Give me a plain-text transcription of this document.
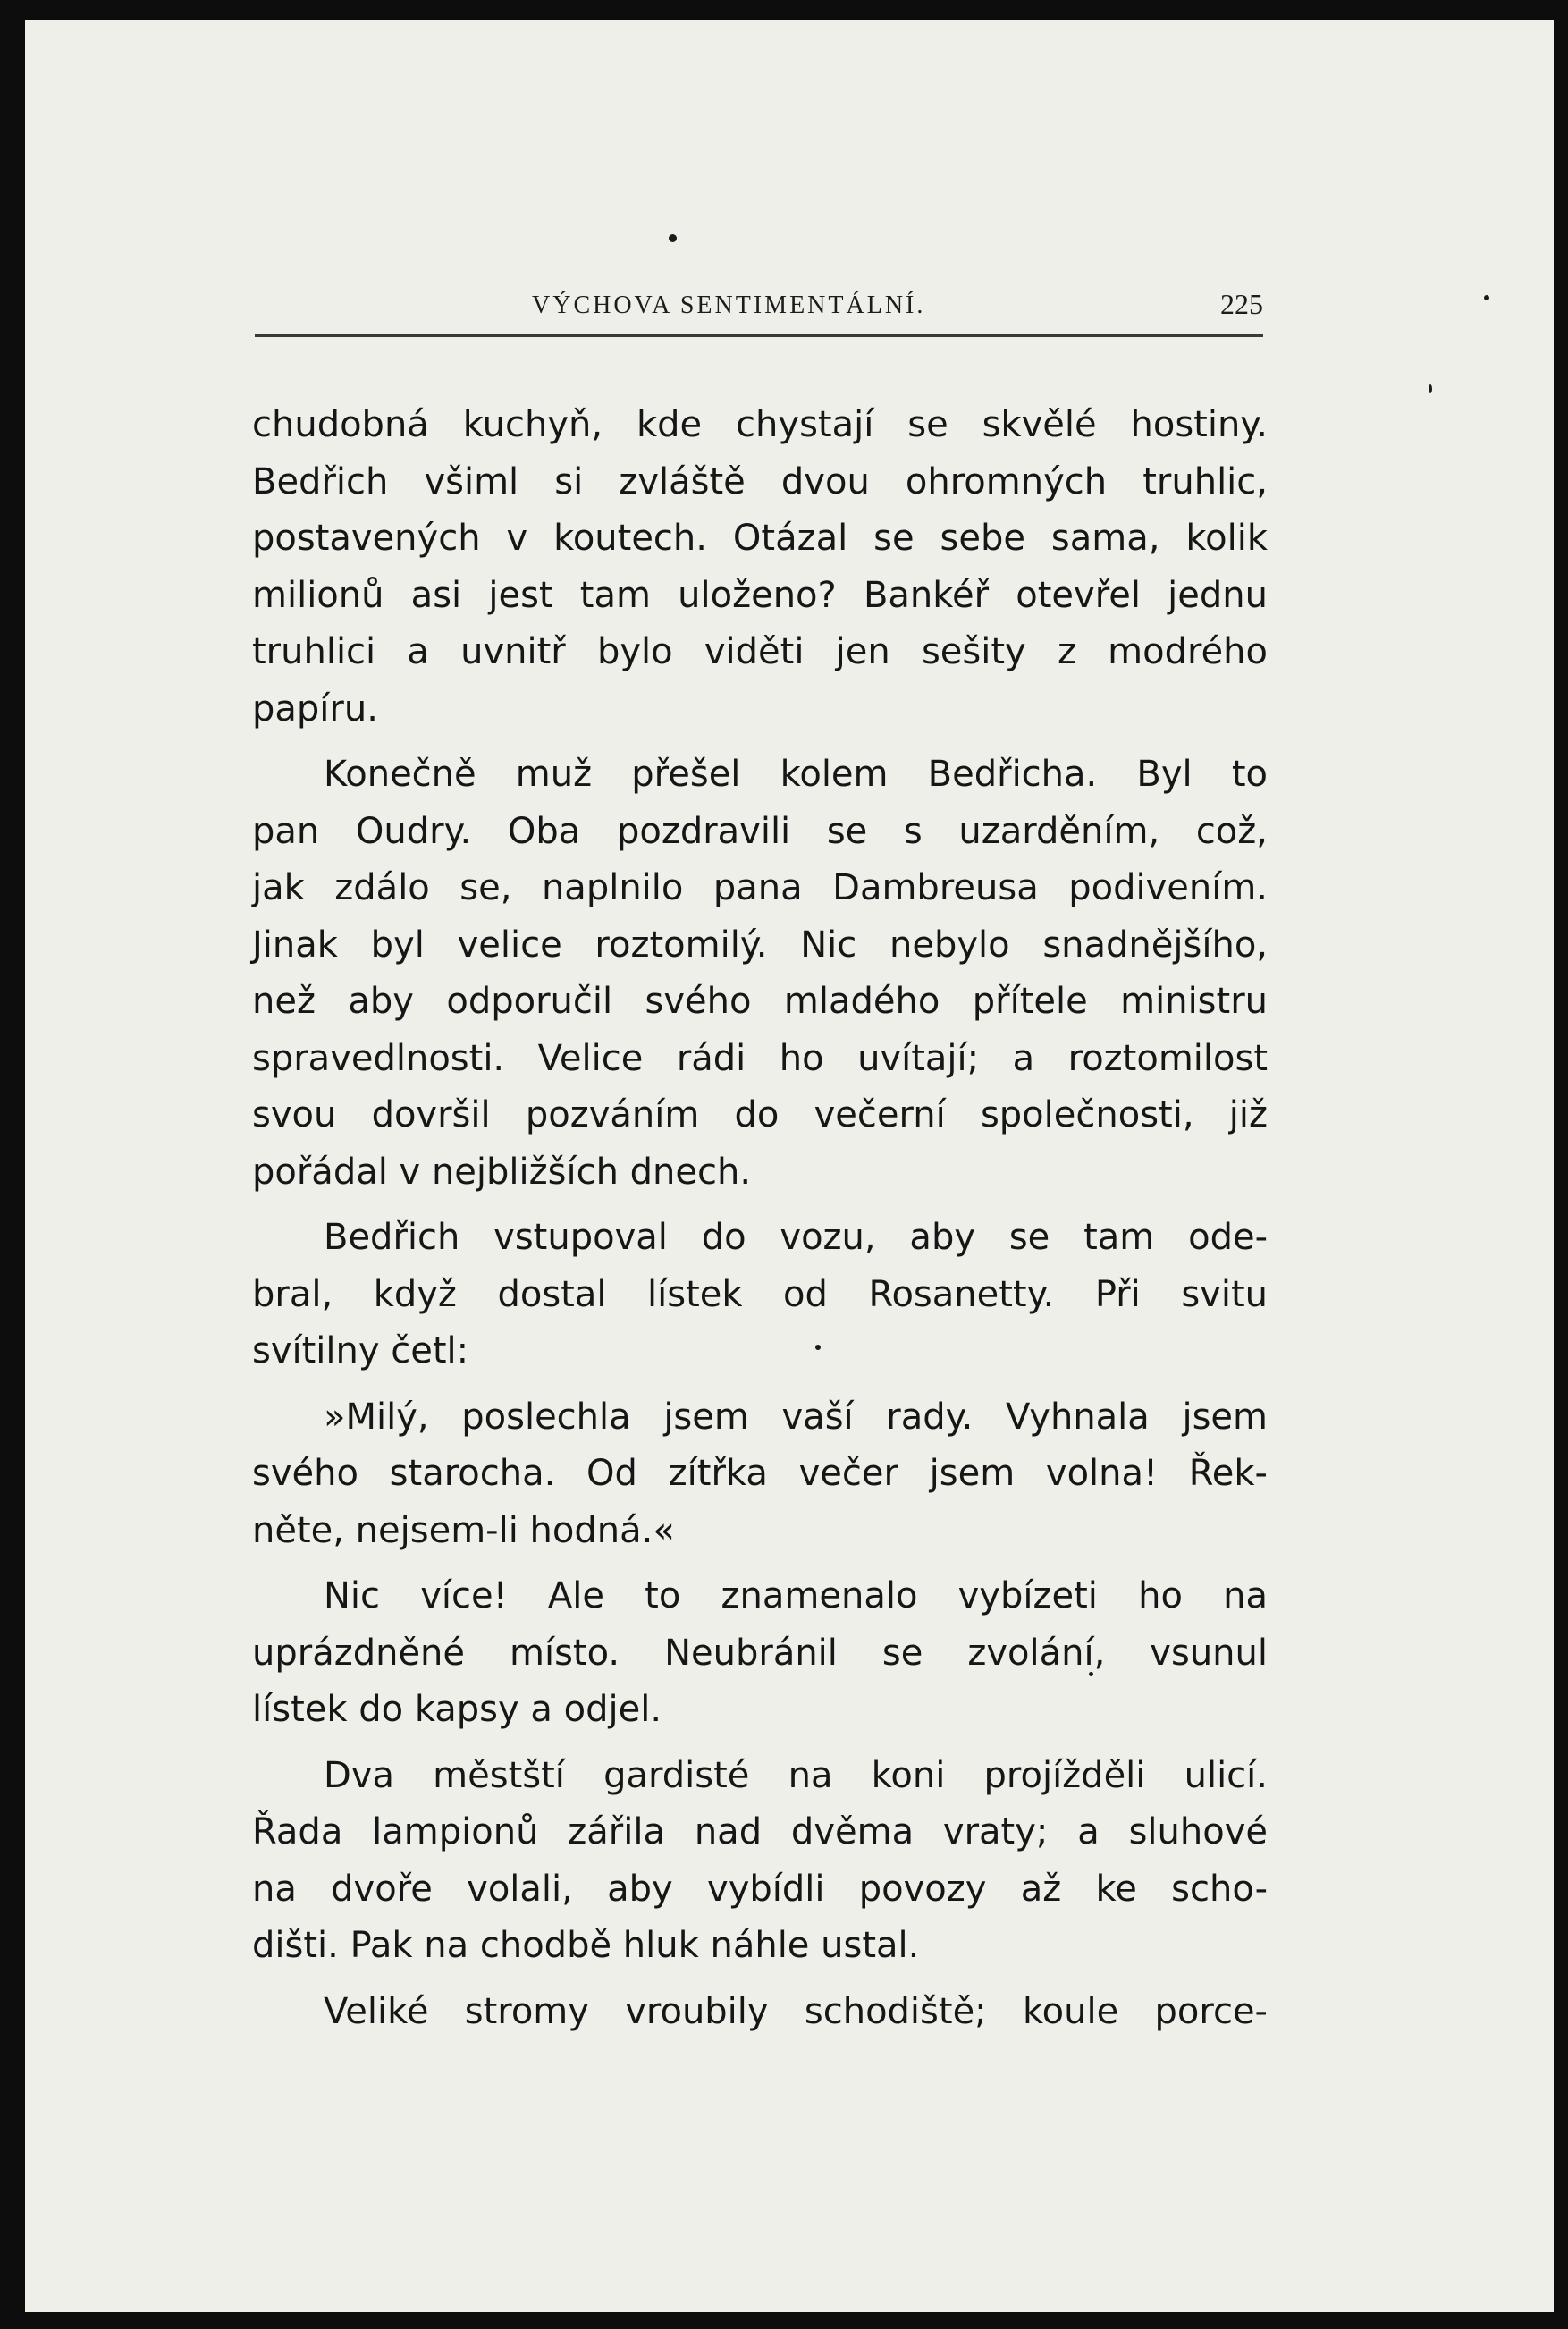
VÝCHOVA SENTIMENTÁLNÍ.	225

chudobná kuchyň, kde chystají se skvělé hostiny.
Bedřich všiml si zvláště dvou ohromných truhlic,
postavených v koutech. Otázal se sebe sama, kolik
milionů asi jest tam uloženo? Bankéř otevřel jednu
truhlici a uvnitř bylo viděti jen sešity z modrého
papíru.

Konečně muž přešel kolem Bedřicha. Byl to
pan Oudry. Oba pozdravili se s uzarděním, což,
jak zdálo se, naplnilo pana Dambreusa podivením.
Jinak byl velice roztomilý. Nic nebylo snadnějšího,
než aby odporučil svého mladého přítele ministru
spravedlnosti. Velice rádi ho uvítají; a roztomilost
svou dovršil pozváním do večerní společnosti, již
pořádal v nejbližších dnech.

Bedřich vstupoval do vozu, aby se tam ode-
bral, když dostal lístek od Rosanetty. Při svitu
svítilny četl:

»Milý, poslechla jsem vaší rady. Vyhnala jsem
svého starocha. Od zítřka večer jsem volna! Řek-
něte, nejsem-li hodná.«

Nic více! Ale to znamenalo vybízeti ho na
uprázdněné místo. Neubránil se zvolání, vsunul
lístek do kapsy a odjel.

Dva městští gardisté na koni projížděli ulicí.
Řada lampionů zářila nad dvěma vraty; a sluhové
na dvoře volali, aby vybídli povozy až ke scho-
dišti. Pak na chodbě hluk náhle ustal.

Veliké stromy vroubily schodiště; koule porce-
